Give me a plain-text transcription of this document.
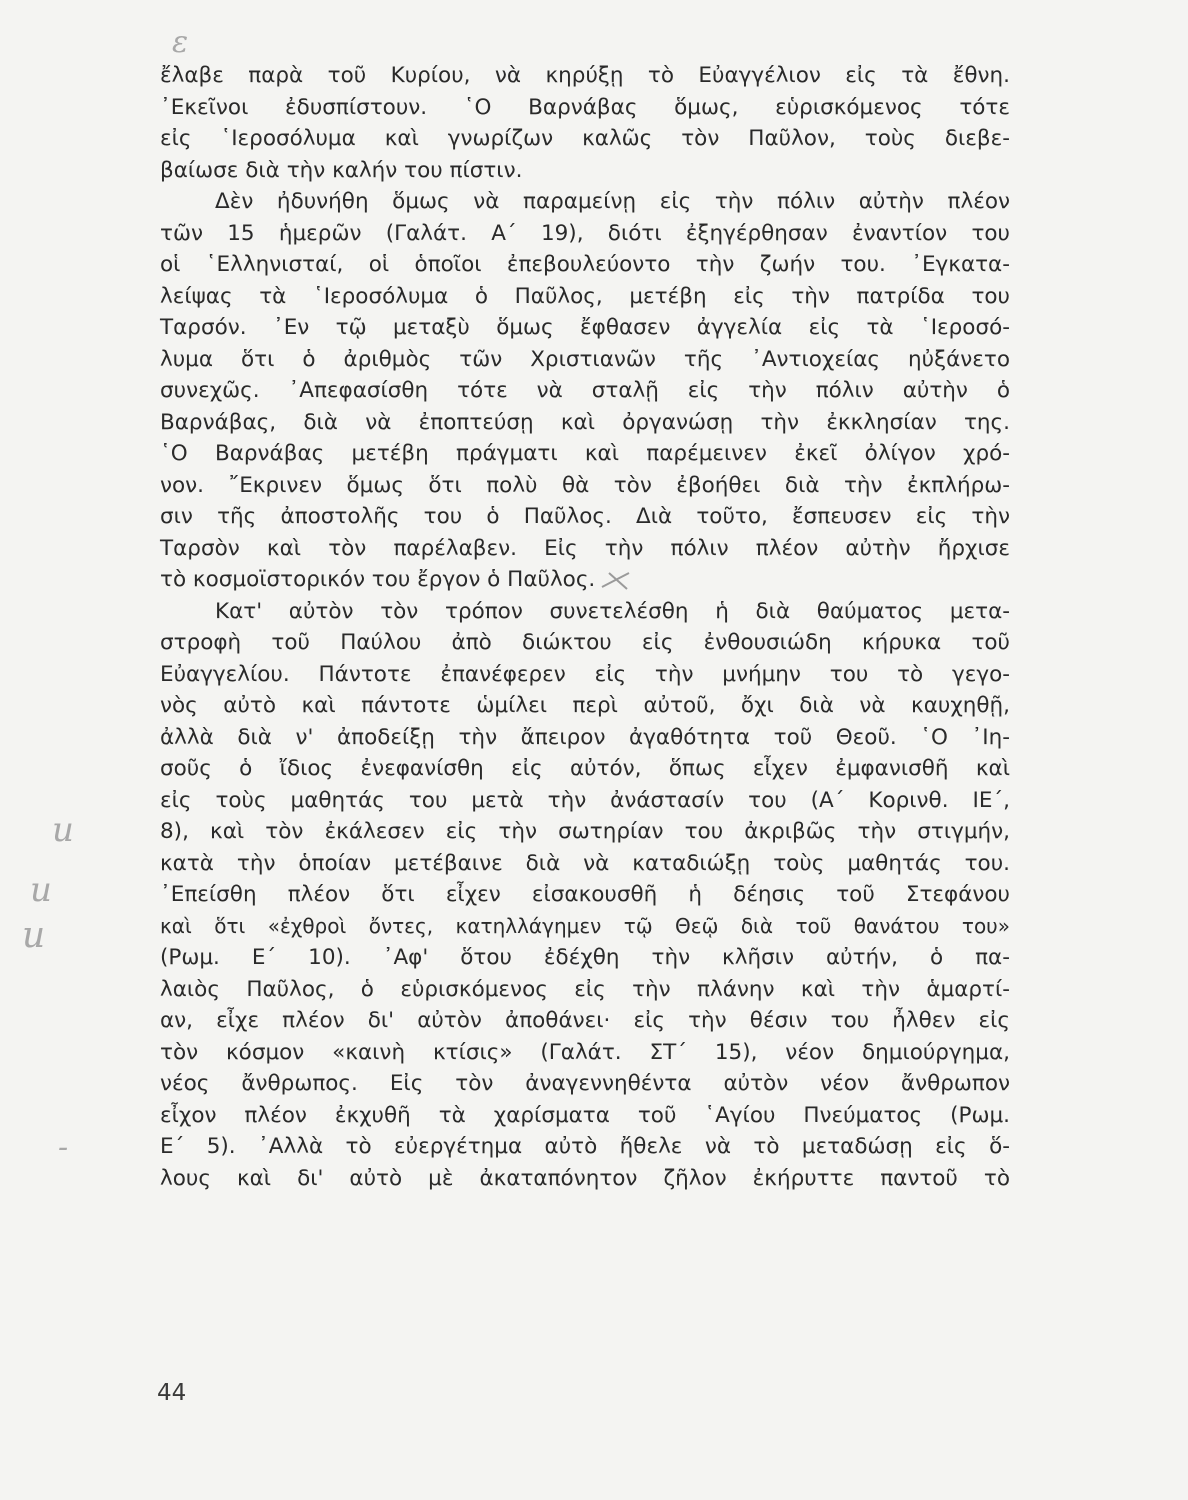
ε
u
u
u
-

ἔλαβε παρὰ τοῦ Κυρίου, νὰ κηρύξῃ τὸ Εὐαγγέλιον εἰς τὰ ἔθνη.
᾿Εκεῖνοι ἐδυσπίστουν. ῾Ο Βαρνάβας ὅμως, εὑρισκόμενος τότε
εἰς ῾Ιεροσόλυμα καὶ γνωρίζων καλῶς τὸν Παῦλον, τοὺς διεβε-
βαίωσε διὰ τὴν καλήν του πίστιν.

Δὲν ἠδυνήθη ὅμως νὰ παραμείνῃ εἰς τὴν πόλιν αὐτὴν πλέον
τῶν 15 ἡμερῶν (Γαλάτ. Α΄ 19), διότι ἐξηγέρθησαν ἐναντίον του
οἱ ῾Ελληνισταί, οἱ ὁποῖοι ἐπεβουλεύοντο τὴν ζωήν του. ᾿Εγκατα-
λείψας τὰ ῾Ιεροσόλυμα ὁ Παῦλος, μετέβη εἰς τὴν πατρίδα του
Ταρσόν. ᾿Εν τῷ μεταξὺ ὅμως ἔφθασεν ἀγγελία εἰς τὰ ῾Ιεροσό-
λυμα ὅτι ὁ ἀριθμὸς τῶν Χριστιανῶν τῆς ᾿Αντιοχείας ηὐξάνετο
συνεχῶς. ᾿Απεφασίσθη τότε νὰ σταλῇ εἰς τὴν πόλιν αὐτὴν ὁ
Βαρνάβας, διὰ νὰ ἐποπτεύσῃ καὶ ὀργανώσῃ τὴν ἐκκλησίαν της.
῾Ο Βαρνάβας μετέβη πράγματι καὶ παρέμεινεν ἐκεῖ ὀλίγον χρό-
νον. ῎Εκρινεν ὅμως ὅτι πολὺ θὰ τὸν ἐβοήθει διὰ τὴν ἐκπλήρω-
σιν τῆς ἀποστολῆς του ὁ Παῦλος. Διὰ τοῦτο, ἔσπευσεν εἰς τὴν
Ταρσὸν καὶ τὸν παρέλαβεν. Εἰς τὴν πόλιν πλέον αὐτὴν ἤρχισε
τὸ κοσμοϊστορικόν του ἔργον ὁ Παῦλος.

Κατ' αὐτὸν τὸν τρόπον συνετελέσθη ἡ διὰ θαύματος μετα-
στροφὴ τοῦ Παύλου ἀπὸ διώκτου εἰς ἐνθουσιώδη κήρυκα τοῦ
Εὐαγγελίου. Πάντοτε ἐπανέφερεν εἰς τὴν μνήμην του τὸ γεγο-
νὸς αὐτὸ καὶ πάντοτε ὡμίλει περὶ αὐτοῦ, ὄχι διὰ νὰ καυχηθῇ,
ἀλλὰ διὰ ν' ἀποδείξῃ τὴν ἄπειρον ἀγαθότητα τοῦ Θεοῦ. ῾Ο ᾿Ιη-
σοῦς ὁ ἴδιος ἐνεφανίσθη εἰς αὐτόν, ὅπως εἶχεν ἐμφανισθῆ καὶ
εἰς τοὺς μαθητάς του μετὰ τὴν ἀνάστασίν του (Α΄ Κορινθ. ΙΕ΄,
8), καὶ τὸν ἐκάλεσεν εἰς τὴν σωτηρίαν του ἀκριβῶς τὴν στιγμήν,
κατὰ τὴν ὁποίαν μετέβαινε διὰ νὰ καταδιώξῃ τοὺς μαθητάς του.
᾿Επείσθη πλέον ὅτι εἶχεν εἰσακουσθῆ ἡ δέησις τοῦ Στεφάνου
καὶ ὅτι «ἐχθροὶ ὄντες, κατηλλάγημεν τῷ Θεῷ διὰ τοῦ θανάτου του»
(Ρωμ. Ε΄ 10). ᾿Αφ' ὅτου ἐδέχθη τὴν κλῆσιν αὐτήν, ὁ πα-
λαιὸς Παῦλος, ὁ εὑρισκόμενος εἰς τὴν πλάνην καὶ τὴν ἁμαρτί-
αν, εἶχε πλέον δι' αὐτὸν ἀποθάνει· εἰς τὴν θέσιν του ἦλθεν εἰς
τὸν κόσμον «καινὴ κτίσις» (Γαλάτ. ΣΤ΄ 15), νέον δημιούργημα,
νέος ἄνθρωπος. Εἰς τὸν ἀναγεννηθέντα αὐτὸν νέον ἄνθρωπον
εἶχον πλέον ἐκχυθῆ τὰ χαρίσματα τοῦ ῾Αγίου Πνεύματος (Ρωμ.
Ε΄ 5). ᾿Αλλὰ τὸ εὐεργέτημα αὐτὸ ἤθελε νὰ τὸ μεταδώσῃ εἰς ὅ-
λους καὶ δι' αὐτὸ μὲ ἀκαταπόνητον ζῆλον ἐκήρυττε παντοῦ τὸ

44
